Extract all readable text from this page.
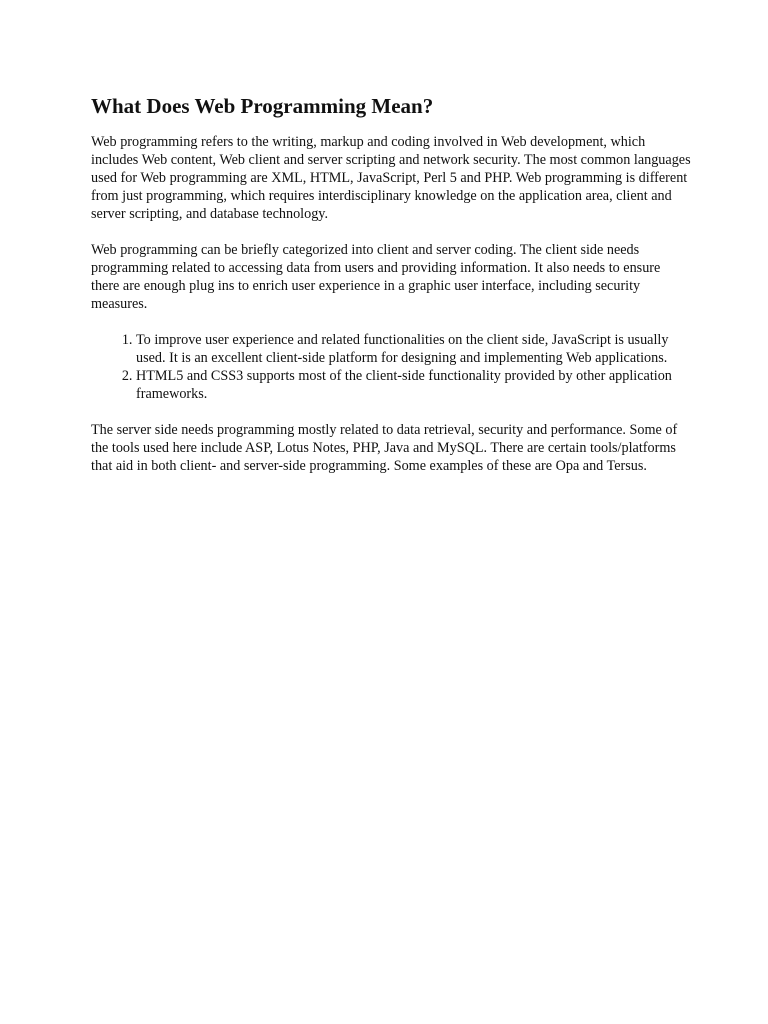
What Does Web Programming Mean?

Web programming refers to the writing, markup and coding involved in Web development, which includes Web content, Web client and server scripting and network security. The most common languages used for Web programming are XML, HTML, JavaScript, Perl 5 and PHP. Web programming is different from just programming, which requires interdisciplinary knowledge on the application area, client and server scripting, and database technology.

Web programming can be briefly categorized into client and server coding. The client side needs programming related to accessing data from users and providing information. It also needs to ensure there are enough plug ins to enrich user experience in a graphic user interface, including security measures.

1. To improve user experience and related functionalities on the client side, JavaScript is usually used. It is an excellent client-side platform for designing and implementing Web applications.
2. HTML5 and CSS3 supports most of the client-side functionality provided by other application frameworks.

The server side needs programming mostly related to data retrieval, security and performance. Some of the tools used here include ASP, Lotus Notes, PHP, Java and MySQL. There are certain tools/platforms that aid in both client- and server-side programming. Some examples of these are Opa and Tersus.
